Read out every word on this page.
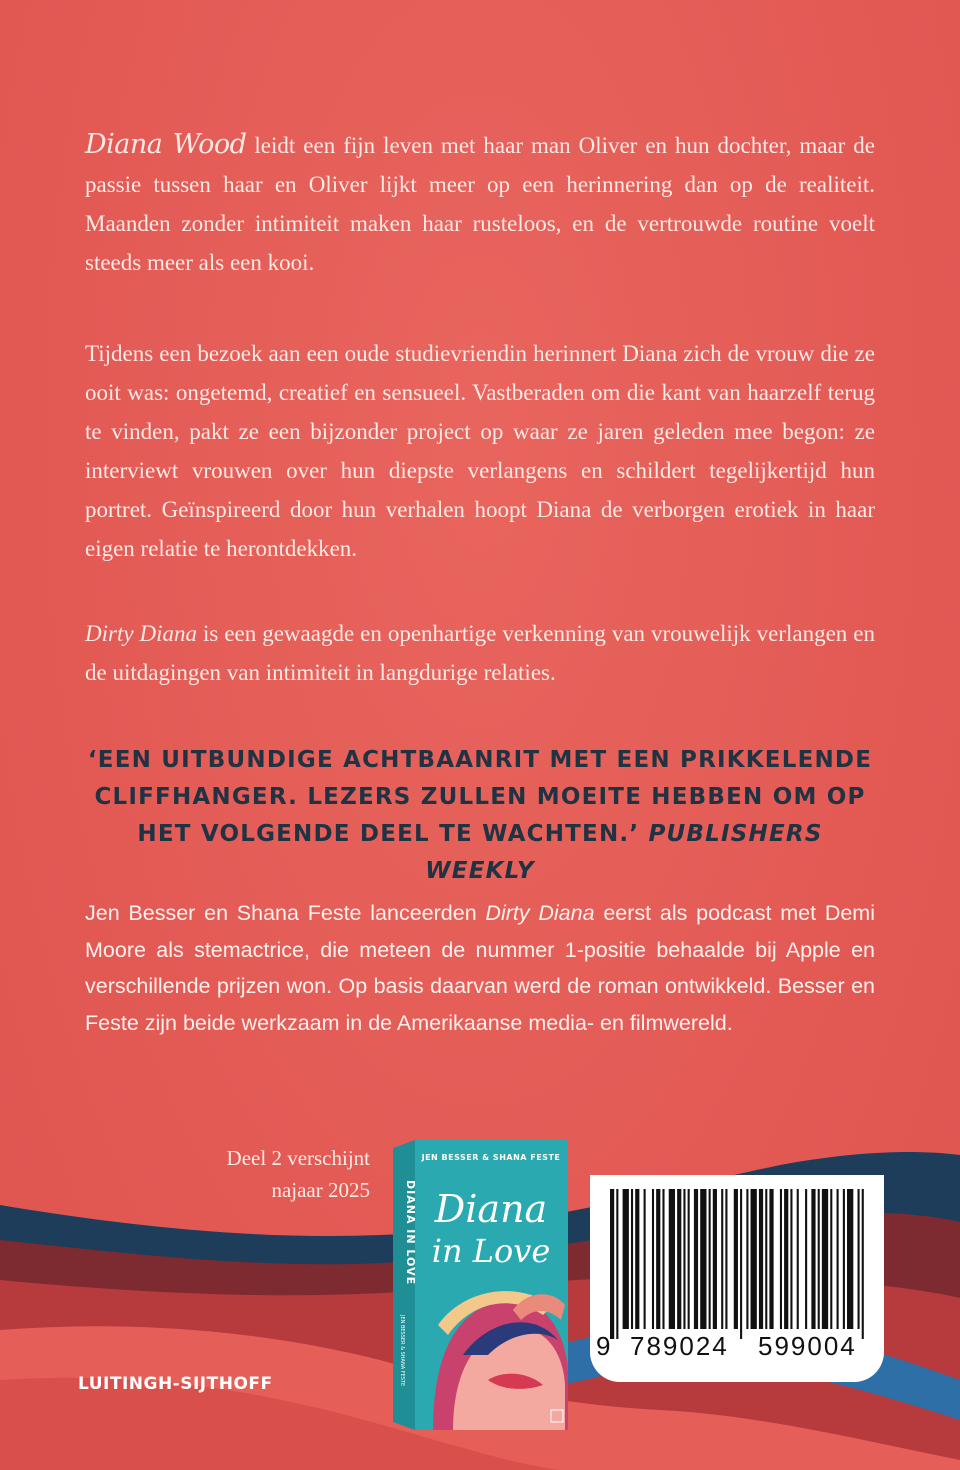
Diana Wood leidt een fijn leven met haar man Oliver en hun dochter, maar de passie tussen haar en Oliver lijkt meer op een herinnering dan op de realiteit. Maanden zonder intimiteit maken haar rusteloos, en de vertrouwde routine voelt steeds meer als een kooi.

Tijdens een bezoek aan een oude studievriendin herinnert Diana zich de vrouw die ze ooit was: ongetemd, creatief en sensueel. Vastberaden om die kant van haarzelf terug te vinden, pakt ze een bijzonder project op waar ze jaren geleden mee begon: ze interviewt vrouwen over hun diepste verlangens en schildert tegelijkertijd hun portret. Geïnspireerd door hun verhalen hoopt Diana de verborgen erotiek in haar eigen relatie te herontdekken.

Dirty Diana is een gewaagde en openhartige verkenning van vrouwelijk verlangen en de uitdagingen van intimiteit in langdurige relaties.

‘EEN UITBUNDIGE ACHTBAANRIT MET EEN PRIKKELENDE CLIFFHANGER. LEZERS ZULLEN MOEITE HEBBEN OM OP HET VOLGENDE DEEL TE WACHTEN.’ PUBLISHERS WEEKLY

Jen Besser en Shana Feste lanceerden Dirty Diana eerst als podcast met Demi Moore als stemactrice, die meteen de nummer 1-positie behaalde bij Apple en verschillende prijzen won. Op basis daarvan werd de roman ontwikkeld. Besser en Feste zijn beide werkzaam in de Amerikaanse media- en filmwereld.

Deel 2 verschijnt
najaar 2025	DIANA IN LOVE
JEN BESSER & SHANA FESTE
JEN BESSER & SHANA FESTE
Diana
in Love
9 789024 599004
LUITINGH-SIJTHOFF
